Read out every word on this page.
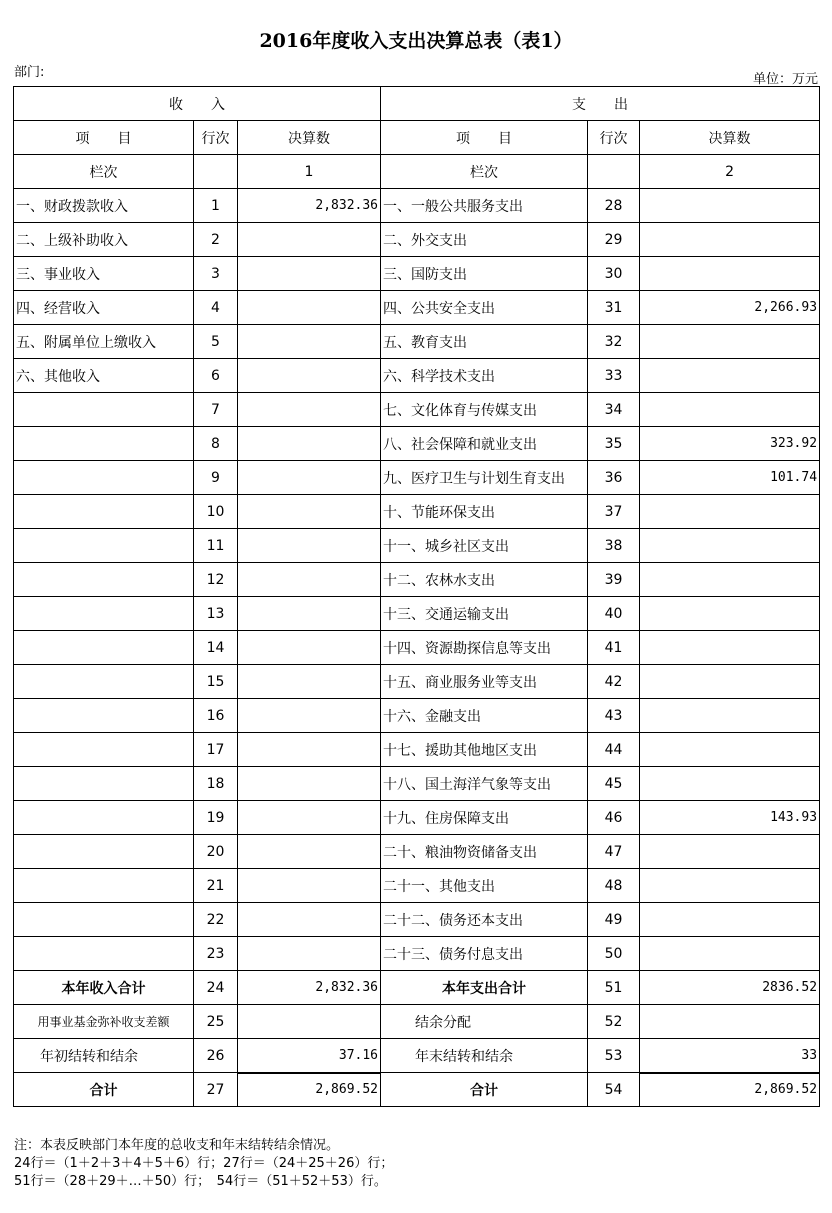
2016年度收入支出决算总表（表1）
部门:	单位：万元
收　　入			支　　出		
项　　目	行次	决算数	项　　目	行次	决算数
栏次		1	栏次		2
一、财政拨款收入	1	2,832.36	一、一般公共服务支出	28	
二、上级补助收入	2		二、外交支出	29	
三、事业收入	3		三、国防支出	30	
四、经营收入	4		四、公共安全支出	31	2,266.93
五、附属单位上缴收入	5		五、教育支出	32	
六、其他收入	6		六、科学技术支出	33	
	7		七、文化体育与传媒支出	34	
	8		八、社会保障和就业支出	35	323.92
	9		九、医疗卫生与计划生育支出	36	101.74
	10		十、节能环保支出	37	
	11		十一、城乡社区支出	38	
	12		十二、农林水支出	39	
	13		十三、交通运输支出	40	
	14		十四、资源勘探信息等支出	41	
	15		十五、商业服务业等支出	42	
	16		十六、金融支出	43	
	17		十七、援助其他地区支出	44	
	18		十八、国土海洋气象等支出	45	
	19		十九、住房保障支出	46	143.93
	20		二十、粮油物资储备支出	47	
	21		二十一、其他支出	48	
	22		二十二、债务还本支出	49	
	23		二十三、债务付息支出	50	
本年收入合计	24	2,832.36	本年支出合计	51	2836.52
用事业基金弥补收支差额	25		结余分配	52	
年初结转和结余	26	37.16	年末结转和结余	53	33
合计	27	2,869.52	合计	54	2,869.52
注：本表反映部门本年度的总收支和年末结转结余情况。
24行＝（1＋2＋3＋4＋5＋6）行；27行＝（24＋25＋26）行；
51行＝（28＋29＋…＋50）行；　54行＝（51＋52＋53）行。
